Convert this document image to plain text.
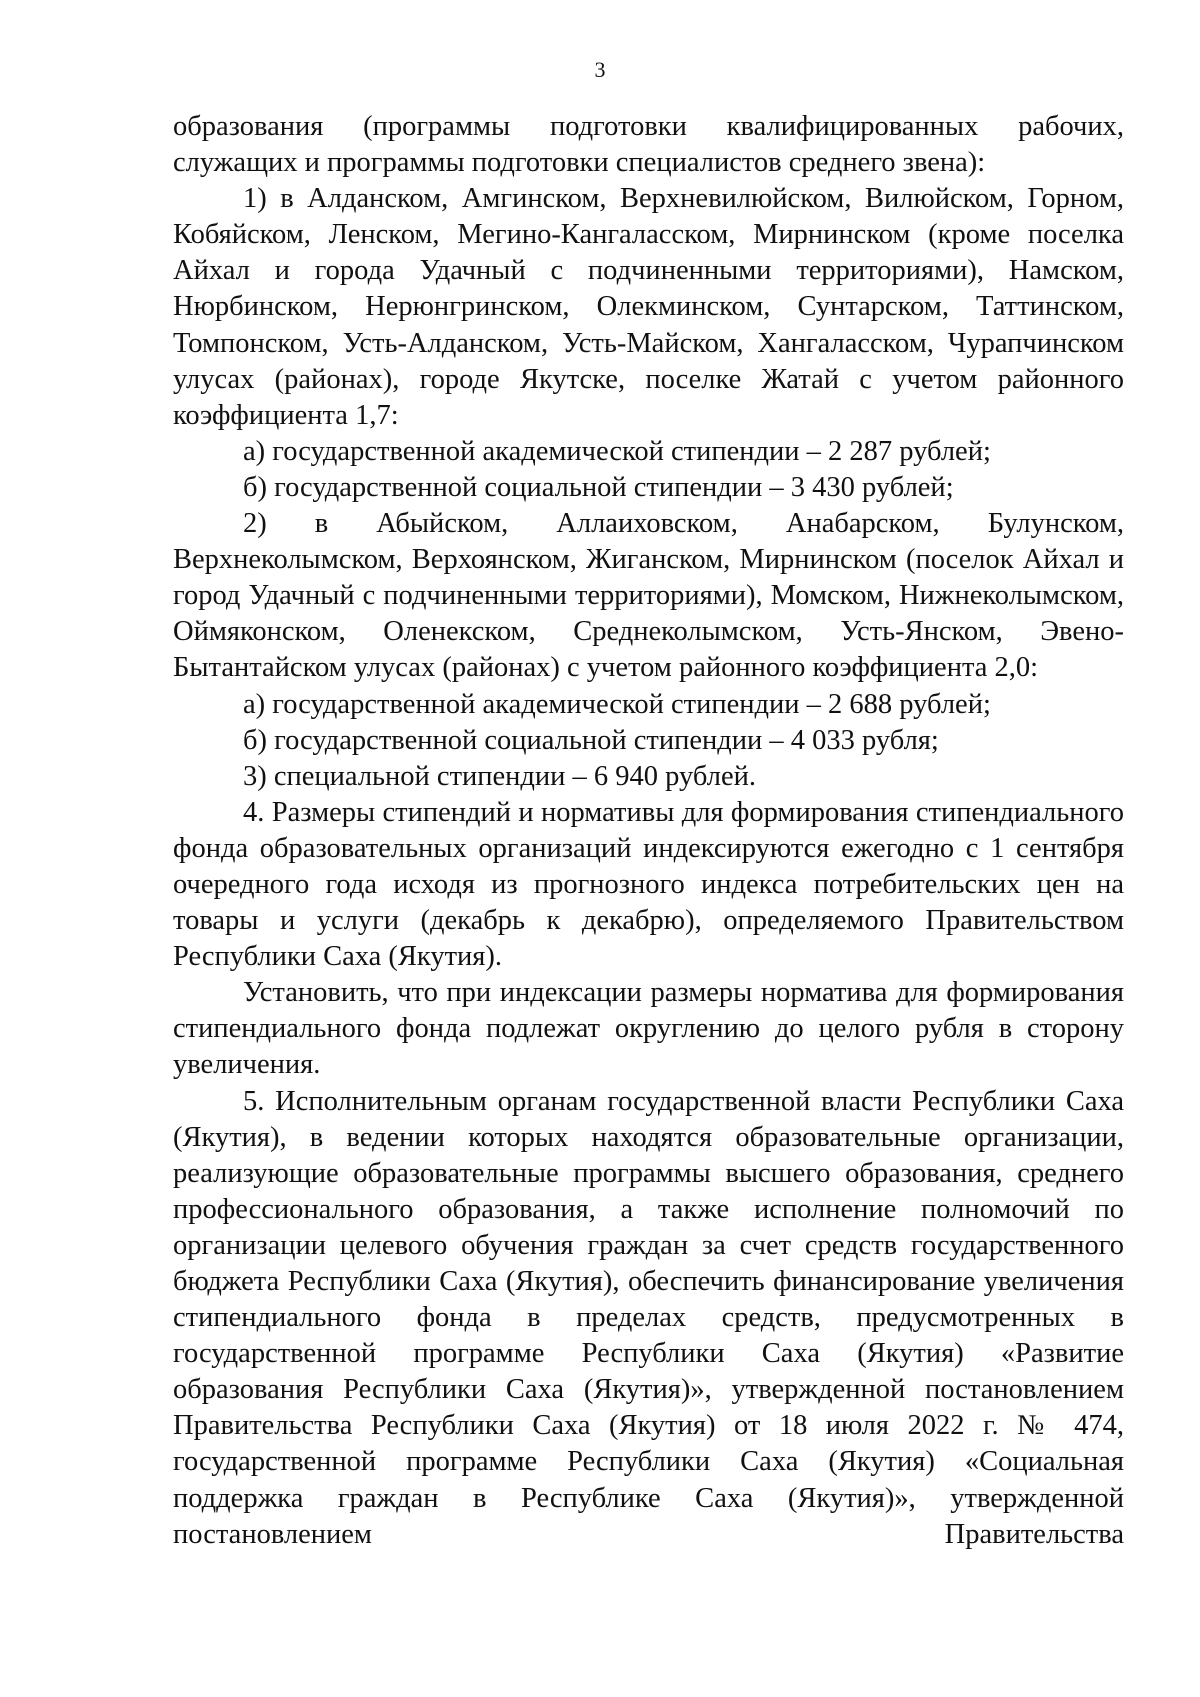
3

образования (программы подготовки квалифицированных рабочих, служащих и программы подготовки специалистов среднего звена):

1) в Алданском, Амгинском, Верхневилюйском, Вилюйском, Горном, Кобяйском, Ленском, Мегино-Кангаласском, Мирнинском (кроме поселка Айхал и города Удачный с подчиненными территориями), Намском, Нюрбинском, Нерюнгринском, Олекминском, Сунтарском, Таттинском, Томпонском, Усть-Алданском, Усть-Майском, Хангаласском, Чурапчинском улусах (районах), городе Якутске, поселке Жатай с учетом районного коэффициента 1,7:

а) государственной академической стипендии – 2 287 рублей;

б) государственной социальной стипендии – 3 430 рублей;

2) в Абыйском, Аллаиховском, Анабарском, Булунском, Верхнеколымском, Верхоянском, Жиганском, Мирнинском (поселок Айхал и город Удачный с подчиненными территориями), Момском, Нижнеколымском, Оймяконском, Оленекском, Среднеколымском, Усть-Янском, Эвено-Бытантайском улусах (районах) с учетом районного коэффициента 2,0:

а) государственной академической стипендии – 2 688 рублей;

б) государственной социальной стипендии – 4 033 рубля;

3) специальной стипендии – 6 940 рублей.

4. Размеры стипендий и нормативы для формирования стипендиального фонда образовательных организаций индексируются ежегодно с 1 сентября очередного года исходя из прогнозного индекса потребительских цен на товары и услуги (декабрь к декабрю), определяемого Правительством Республики Саха (Якутия).

Установить, что при индексации размеры норматива для формирования стипендиального фонда подлежат округлению до целого рубля в сторону увеличения.

5. Исполнительным органам государственной власти Республики Саха (Якутия), в ведении которых находятся образовательные организации, реализующие образовательные программы высшего образования, среднего профессионального образования, а также исполнение полномочий по организации целевого обучения граждан за счет средств государственного бюджета Республики Саха (Якутия), обеспечить финансирование увеличения стипендиального фонда в пределах средств, предусмотренных в государственной программе Республики Саха (Якутия) «Развитие образования Республики Саха (Якутия)», утвержденной постановлением Правительства Республики Саха (Якутия) от 18 июля 2022 г. № 474, государственной программе Республики Саха (Якутия) «Социальная поддержка граждан в Республике Саха (Якутия)», утвержденной постановлением Правительства
